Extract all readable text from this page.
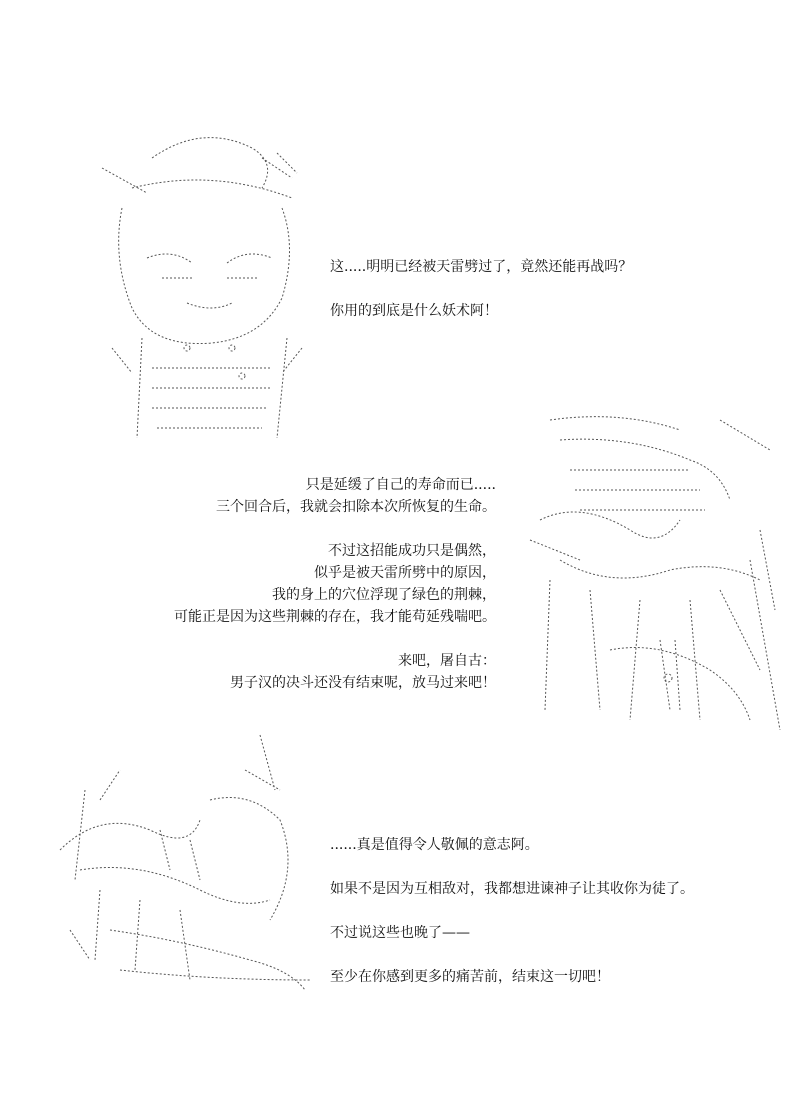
这.....明明已经被天雷劈过了，竟然还能再战吗？

你用的到底是什么妖术阿！

只是延缓了自己的寿命而已.....

三个回合后，我就会扣除本次所恢复的生命。

不过这招能成功只是偶然，

似乎是被天雷所劈中的原因，

我的身上的穴位浮现了绿色的荆棘，

可能正是因为这些荆棘的存在，我才能苟延残喘吧。

来吧，屠自古：

男子汉的决斗还没有结束呢，放马过来吧！

......真是值得令人敬佩的意志阿。

如果不是因为互相敌对，我都想进谏神子让其收你为徒了。

不过说这些也晚了——

至少在你感到更多的痛苦前，结束这一切吧！
